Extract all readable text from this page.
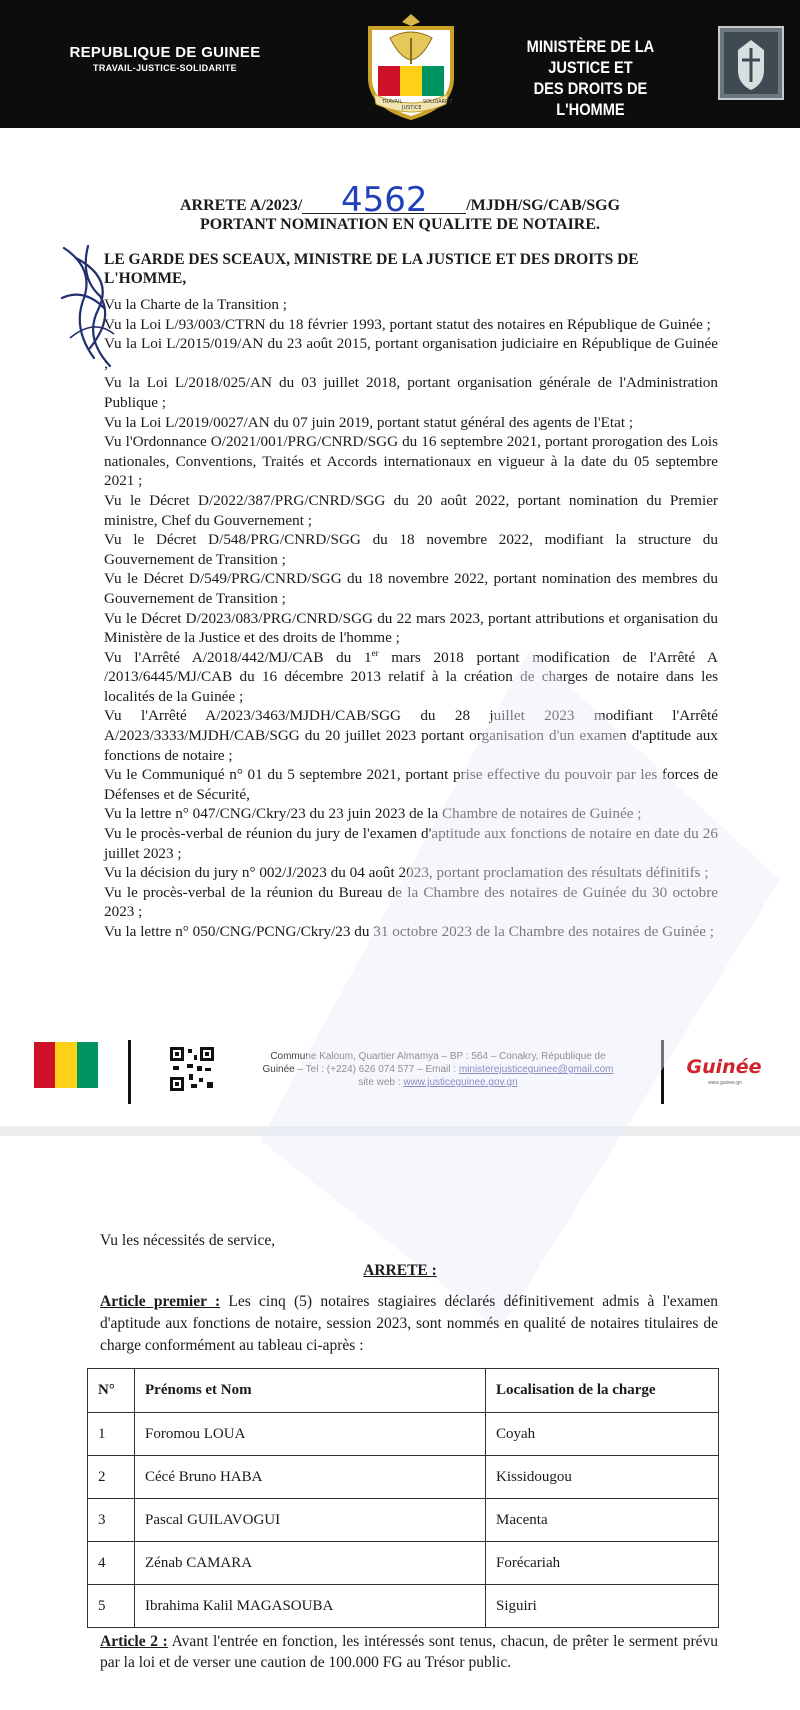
REPUBLIQUE DE GUINEE
TRAVAIL-JUSTICE-SOLIDARITE
TRAVAIL
JUSTICE
SOLIDARITE
MINISTÈRE DE LA JUSTICE ET
DES DROITS DE L'HOMME
ARRETE A/2023/ 4562 /MJDH/SG/CAB/SGG
PORTANT NOMINATION EN QUALITE DE NOTAIRE.
LE GARDE DES SCEAUX, MINISTRE DE LA JUSTICE ET DES DROITS DE L'HOMME,
Vu la Charte de la Transition ;
Vu la Loi L/93/003/CTRN du 18 février 1993, portant statut des notaires en République de Guinée ;
Vu la Loi L/2015/019/AN du 23 août 2015, portant organisation judiciaire en République de Guinée ;
Vu la Loi L/2018/025/AN du 03 juillet 2018, portant organisation générale de l'Administration Publique ;
Vu la Loi L/2019/0027/AN du 07 juin 2019, portant statut général des agents de l'Etat ;
Vu l'Ordonnance O/2021/001/PRG/CNRD/SGG du 16 septembre 2021, portant prorogation des Lois nationales, Conventions, Traités et Accords internationaux en vigueur à la date du 05 septembre 2021 ;
Vu le Décret D/2022/387/PRG/CNRD/SGG du 20 août 2022, portant nomination du Premier ministre, Chef du Gouvernement ;
Vu le Décret D/548/PRG/CNRD/SGG du 18 novembre 2022, modifiant la structure du Gouvernement de Transition ;
Vu le Décret D/549/PRG/CNRD/SGG du 18 novembre 2022, portant nomination des membres du Gouvernement de Transition ;
Vu le Décret D/2023/083/PRG/CNRD/SGG du 22 mars 2023, portant attributions et organisation du Ministère de la Justice et des droits de l'homme ;
Vu l'Arrêté A/2018/442/MJ/CAB du 1er mars 2018 portant modification de l'Arrêté A /2013/6445/MJ/CAB du 16 décembre 2013 relatif à la création de charges de notaire dans les localités de la Guinée ;
Vu l'Arrêté A/2023/3463/MJDH/CAB/SGG du 28 juillet 2023 modifiant l'Arrêté A/2023/3333/MJDH/CAB/SGG du 20 juillet 2023 portant organisation d'un examen d'aptitude aux fonctions de notaire ;
Vu le Communiqué n° 01 du 5 septembre 2021, portant prise effective du pouvoir par les forces de Défenses et de Sécurité,
Vu la lettre n° 047/CNG/Ckry/23 du 23 juin 2023 de la Chambre de notaires de Guinée ;
Vu le procès-verbal de réunion du jury de l'examen d'aptitude aux fonctions de notaire en date du 26 juillet 2023 ;
Vu la décision du jury n° 002/J/2023 du 04 août 2023, portant proclamation des résultats définitifs ;
Vu le procès-verbal de la réunion du Bureau de la Chambre des notaires de Guinée du 30 octobre 2023 ;
Vu la lettre n° 050/CNG/PCNG/Ckry/23 du 31 octobre 2023 de la Chambre des notaires de Guinée ;
Commune Kaloum, Quartier Almamya – BP : 564 – Conakry, République de
Guinée – Tel : (+224) 626 074 577 – Email : ministerejusticeguinee@gmail.com
site web : www.justiceguinee.gov.gn
Guinée
www.guinee.gn
Vu les nécessités de service,
ARRETE :
Article premier : Les cinq (5) notaires stagiaires déclarés définitivement admis à l'examen d'aptitude aux fonctions de notaire, session 2023, sont nommés en qualité de notaires titulaires de charge conformément au tableau ci-après :
N°	Prénoms et Nom	Localisation de la charge
1	Foromou LOUA	Coyah
2	Cécé Bruno HABA	Kissidougou
3	Pascal GUILAVOGUI	Macenta
4	Zénab CAMARA	Forécariah
5	Ibrahima Kalil MAGASOUBA	Siguiri
Article 2 : Avant l'entrée en fonction, les intéressés sont tenus, chacun, de prêter le serment prévu par la loi et de verser une caution de 100.000 FG au Trésor public.
